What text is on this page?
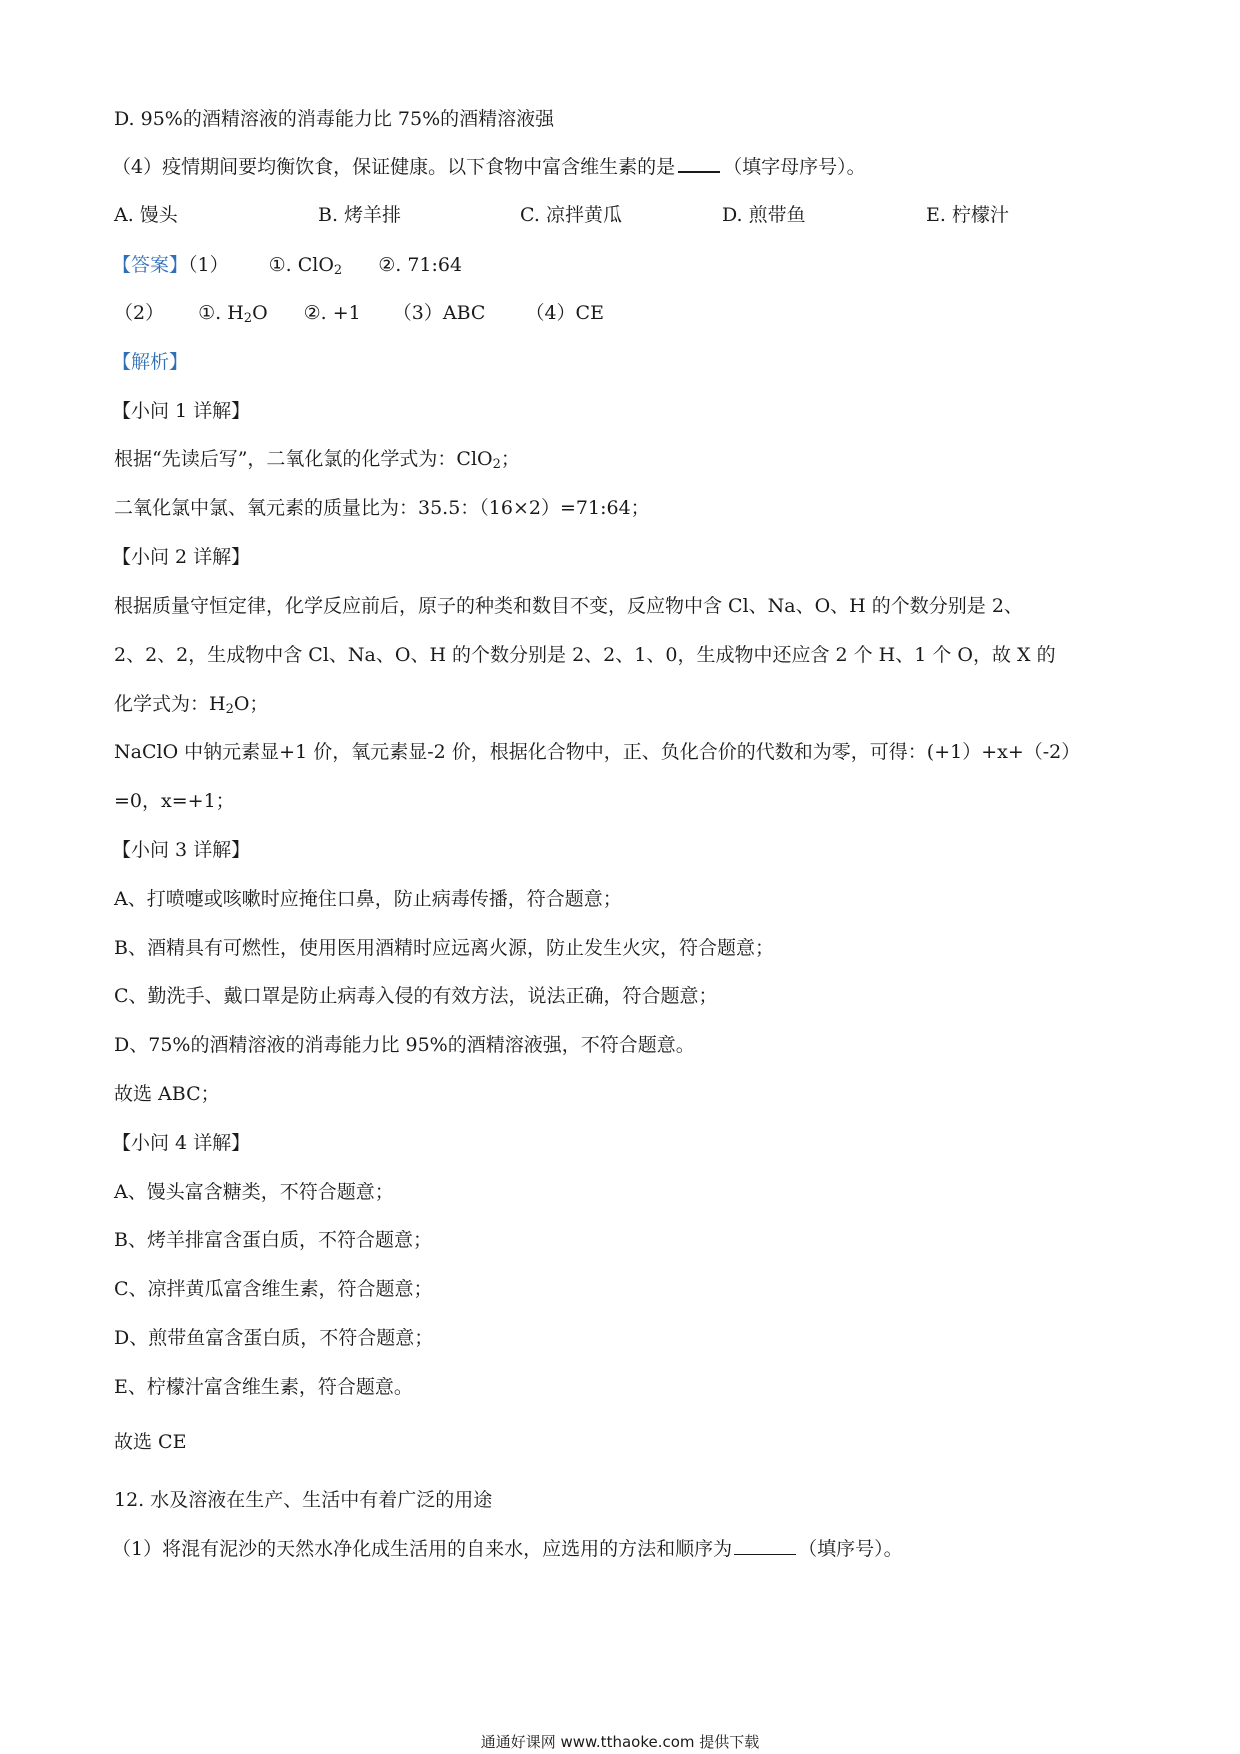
D. 95%的酒精溶液的消毒能力比 75%的酒精溶液强
（4）疫情期间要均衡饮食，保证健康。以下食物中富含维生素的是	（填字母序号）。
A. 馒头	B. 烤羊排	C. 凉拌黄瓜	D. 煎带鱼	E. 柠檬汁
【答案】（1） ①. ClO$_2$ ②. 71:64
（2） ①. $H_2O$ ②. +1 （3）ABC （4）CE
【解析】
【小问 1 详解】
根据“先读后写”，二氧化氯的化学式为：ClO$_2$；
二氧化氯中氯、氧元素的质量比为：35.5：（16×2）=71:64；
【小问 2 详解】
根据质量守恒定律，化学反应前后，原子的种类和数目不变，反应物中含 Cl、Na、O、H 的个数分别是 2、
2、2、2，生成物中含 Cl、Na、O、H 的个数分别是 2、2、1、0，生成物中还应含 2 个 H、1 个 O，故 X 的
化学式为：$H_2O$；
NaClO 中钠元素显+1 价，氧元素显-2 价，根据化合物中，正、负化合价的代数和为零，可得：(+1）+x+（-2）
=0，x=+1；
【小问 3 详解】
A、打喷嚏或咳嗽时应掩住口鼻，防止病毒传播，符合题意；
B、酒精具有可燃性，使用医用酒精时应远离火源，防止发生火灾，符合题意；
C、勤洗手、戴口罩是防止病毒入侵的有效方法，说法正确，符合题意；
D、75%的酒精溶液的消毒能力比 95%的酒精溶液强，不符合题意。
故选 ABC；
【小问 4 详解】
A、馒头富含糖类，不符合题意；
B、烤羊排富含蛋白质，不符合题意；
C、凉拌黄瓜富含维生素，符合题意；
D、煎带鱼富含蛋白质，不符合题意；
E、柠檬汁富含维生素，符合题意。
故选 CE
12. 水及溶液在生产、生活中有着广泛的用途
（1）将混有泥沙的天然水净化成生活用的自来水，应选用的方法和顺序为	（填序号）。
通通好课网 www.tthaoke.com 提供下载
